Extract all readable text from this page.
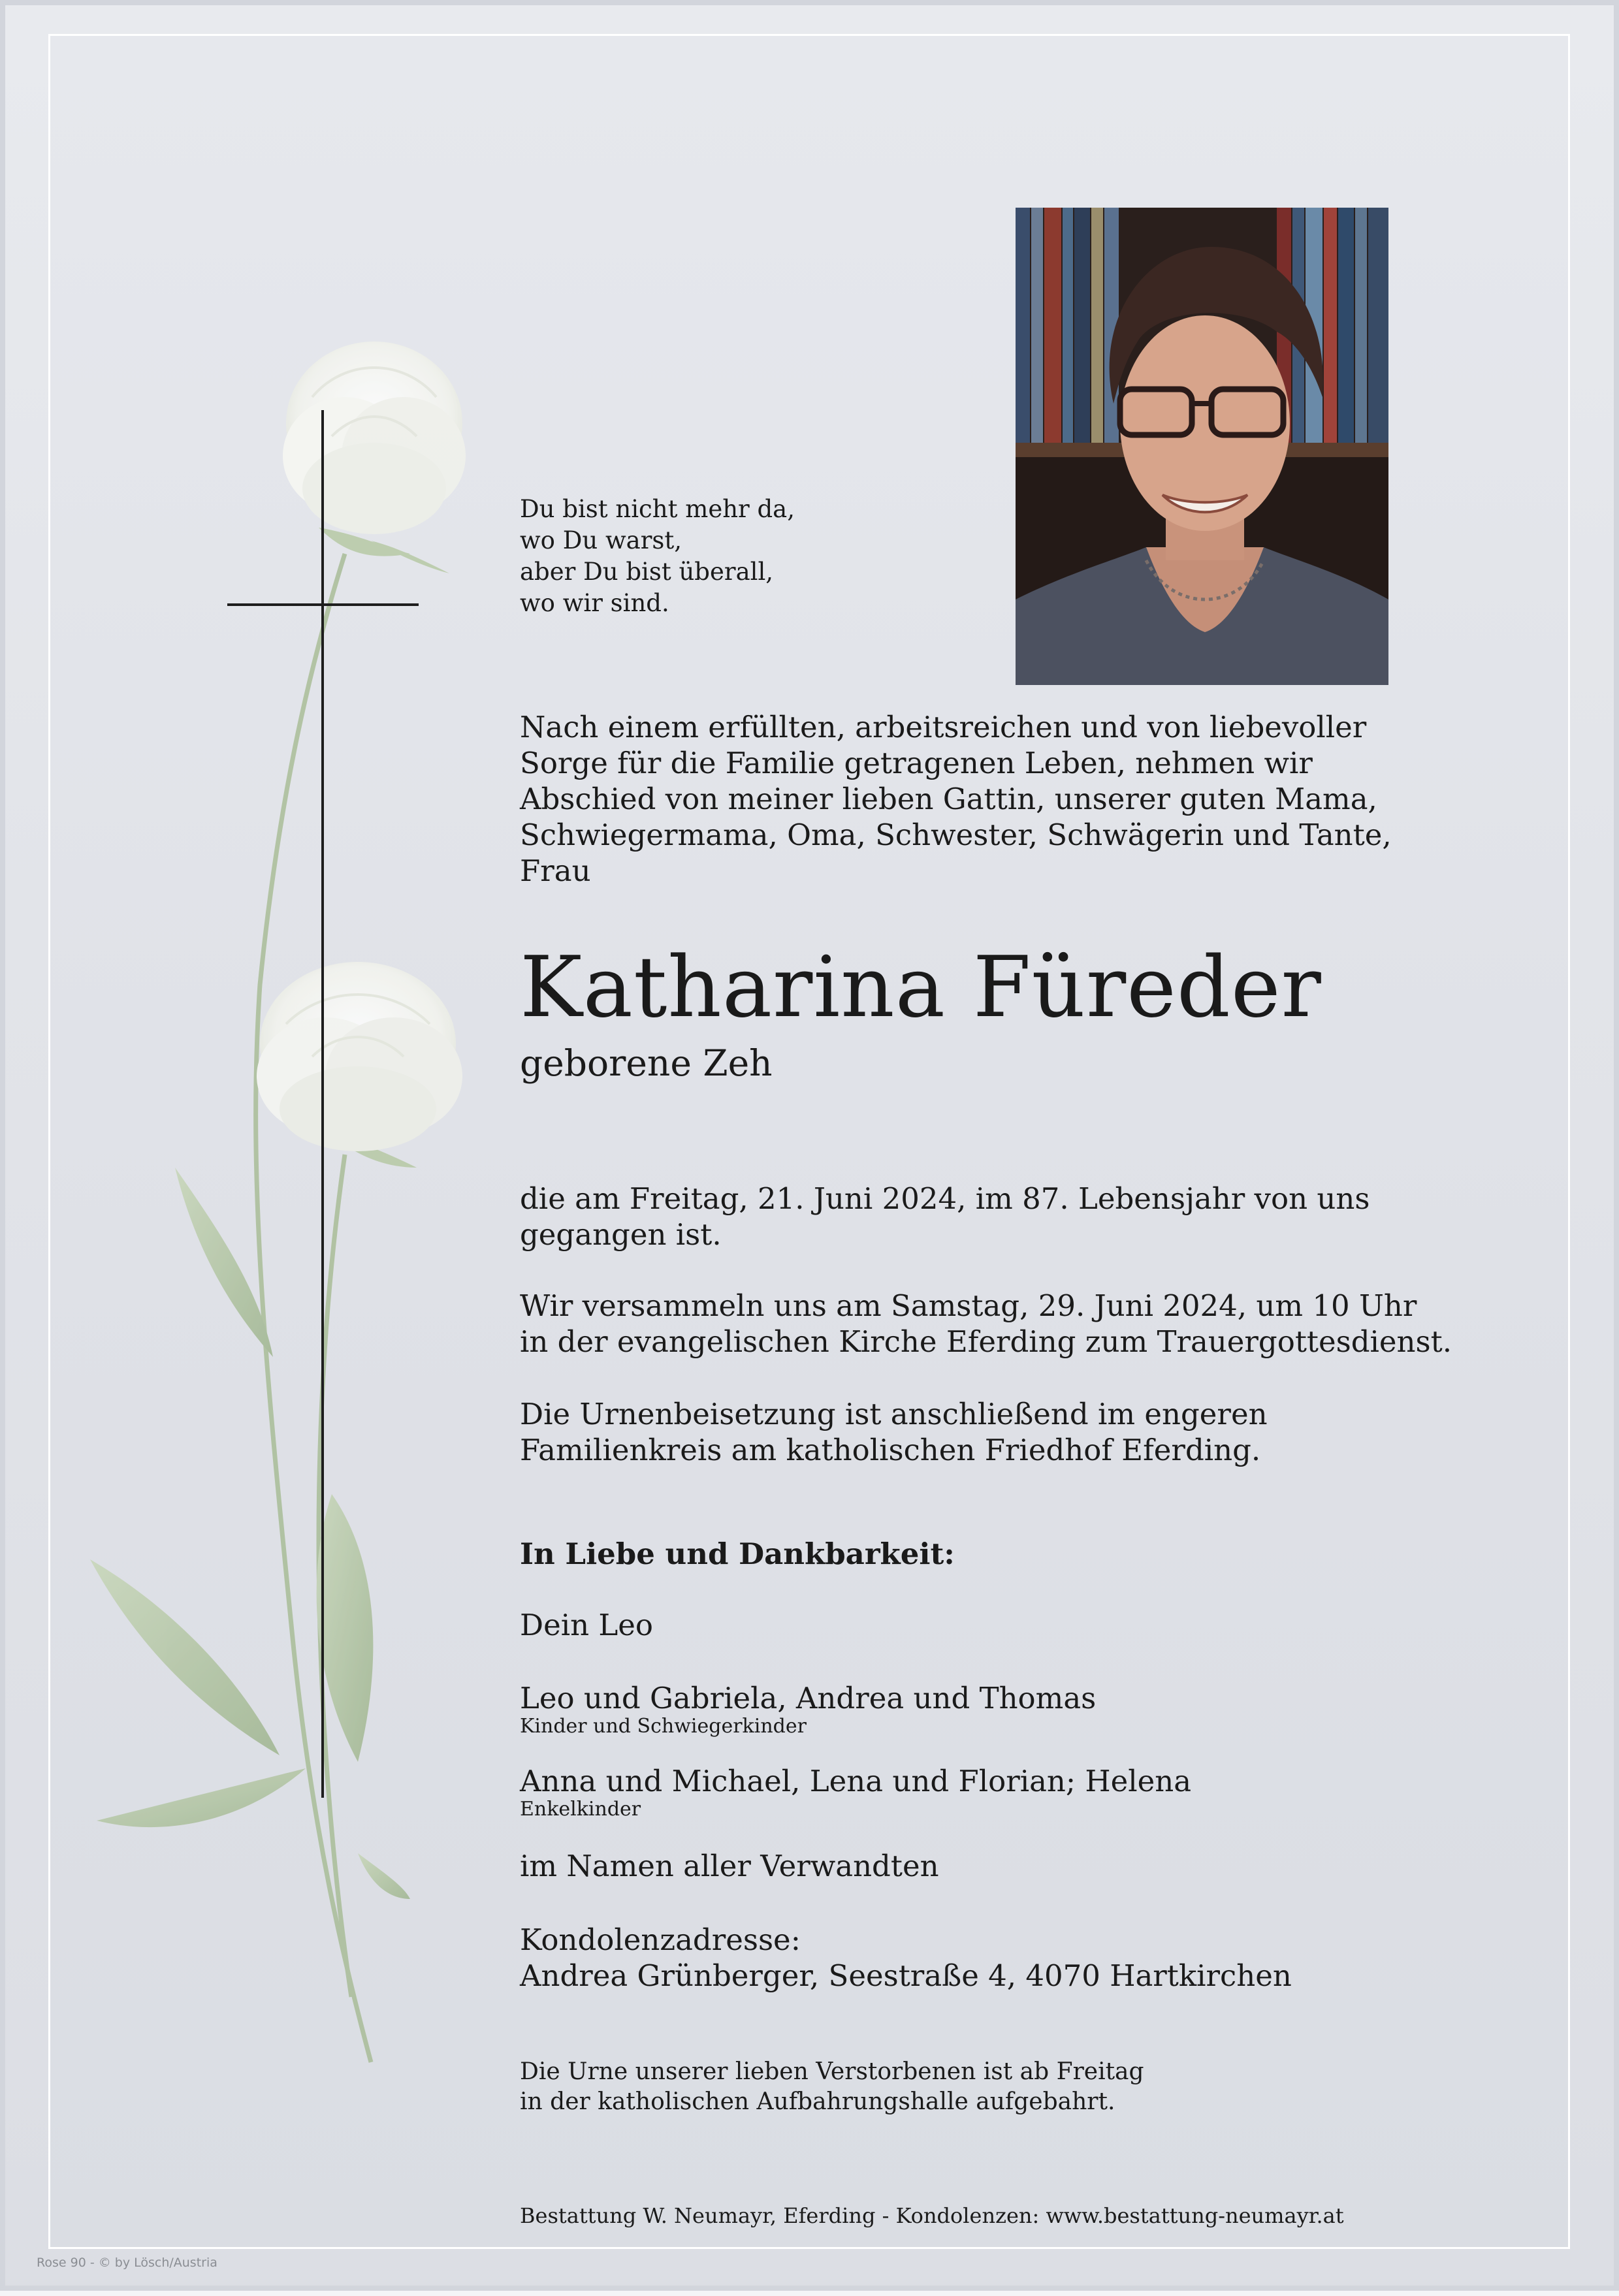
Du bist nicht mehr da,
wo Du warst,
aber Du bist überall,
wo wir sind.
Nach einem erfüllten, arbeitsreichen und von liebevoller
Sorge für die Familie getragenen Leben, nehmen wir
Abschied von meiner lieben Gattin, unserer guten Mama,
Schwiegermama, Oma, Schwester, Schwägerin und Tante,
Frau
Katharina Füreder
geborene Zeh
die am Freitag, 21. Juni 2024, im 87. Lebensjahr von uns
gegangen ist.
Wir versammeln uns am Samstag, 29. Juni 2024, um 10 Uhr
in der evangelischen Kirche Eferding zum Trauergottesdienst.
Die Urnenbeisetzung ist anschließend im engeren
Familienkreis am katholischen Friedhof Eferding.
In Liebe und Dankbarkeit:
Dein Leo
Leo und Gabriela, Andrea und Thomas
Kinder und Schwiegerkinder
Anna und Michael, Lena und Florian; Helena
Enkelkinder
im Namen aller Verwandten
Kondolenzadresse:
Andrea Grünberger, Seestraße 4, 4070 Hartkirchen
Die Urne unserer lieben Verstorbenen ist ab Freitag
in der katholischen Aufbahrungshalle aufgebahrt.
Bestattung W. Neumayr, Eferding - Kondolenzen: www.bestattung-neumayr.at
Rose 90 - © by Lösch/Austria
